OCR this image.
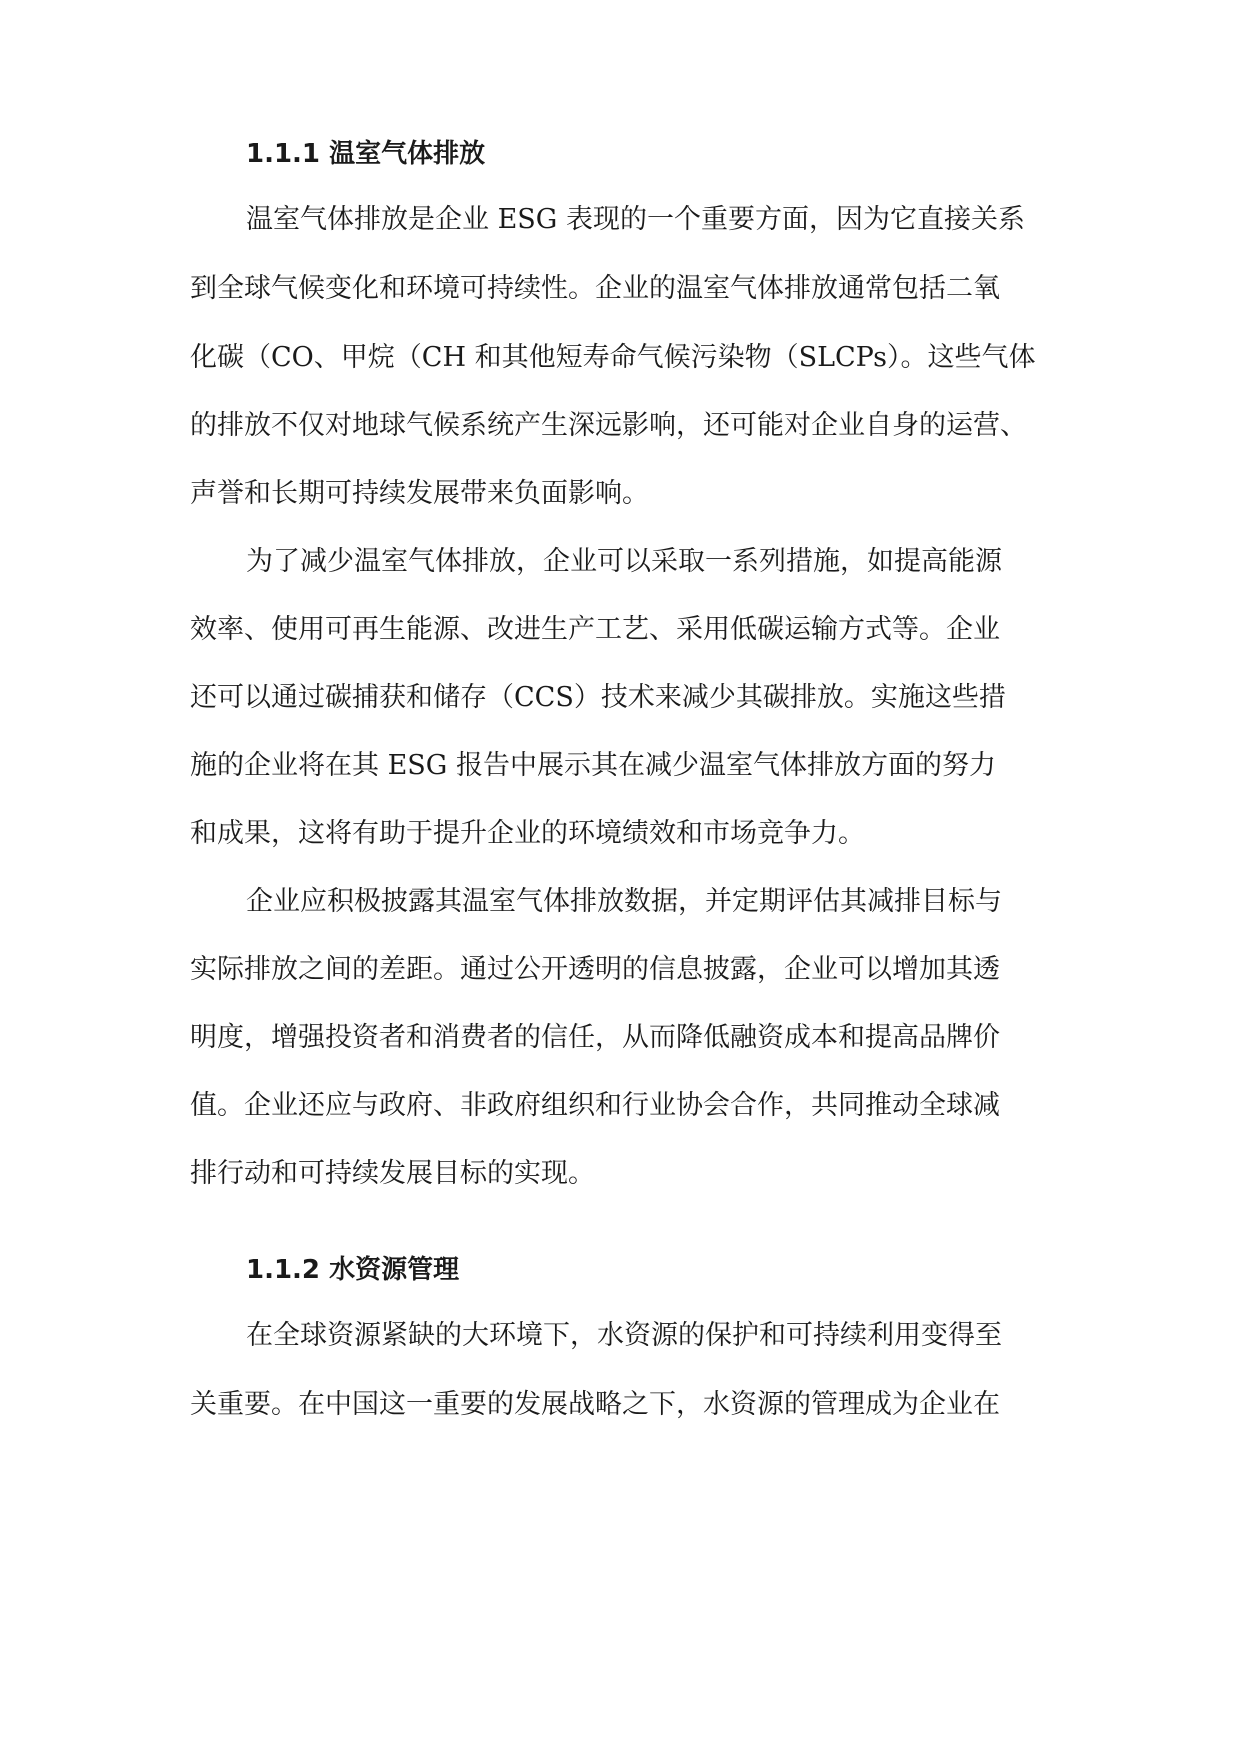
1.1.1 温室气体排放
温室气体排放是企业 ESG 表现的一个重要方面，因为它直接关系
到全球气候变化和环境可持续性。企业的温室气体排放通常包括二氧
化碳（CO、甲烷（CH 和其他短寿命气候污染物（SLCPs）。这些气体
的排放不仅对地球气候系统产生深远影响，还可能对企业自身的运营、
声誉和长期可持续发展带来负面影响。
为了减少温室气体排放，企业可以采取一系列措施，如提高能源
效率、使用可再生能源、改进生产工艺、采用低碳运输方式等。企业
还可以通过碳捕获和储存（CCS）技术来减少其碳排放。实施这些措
施的企业将在其 ESG 报告中展示其在减少温室气体排放方面的努力
和成果，这将有助于提升企业的环境绩效和市场竞争力。
企业应积极披露其温室气体排放数据，并定期评估其减排目标与
实际排放之间的差距。通过公开透明的信息披露，企业可以增加其透
明度，增强投资者和消费者的信任，从而降低融资成本和提高品牌价
值。企业还应与政府、非政府组织和行业协会合作，共同推动全球减
排行动和可持续发展目标的实现。
1.1.2 水资源管理
在全球资源紧缺的大环境下，水资源的保护和可持续利用变得至
关重要。在中国这一重要的发展战略之下，水资源的管理成为企业在
